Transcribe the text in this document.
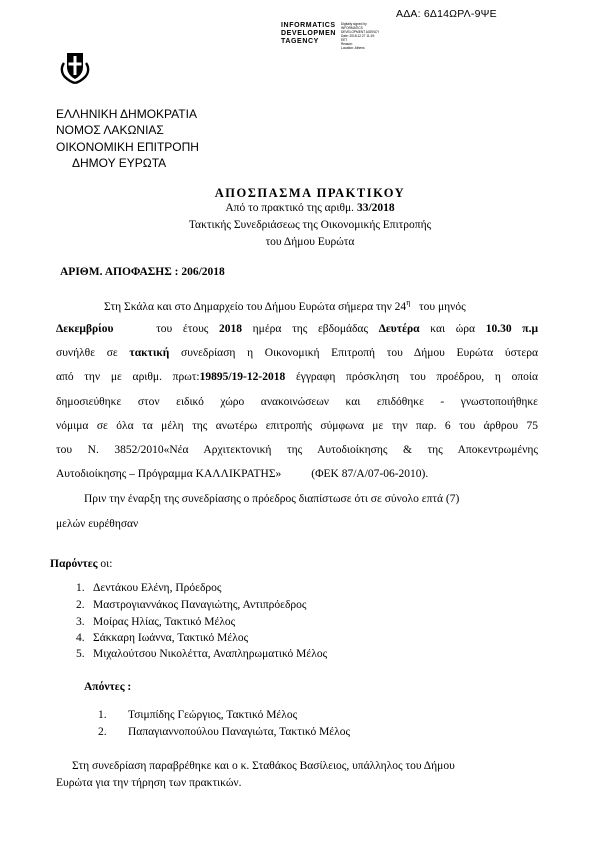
ΑΔΑ: 6Δ14ΩΡΛ-9ΨΕ
INFORMATICS
DEVELOPMEN
TAGENCY
Digitally signed by
INFORMATICS
DEVELOPMENT AGENCY
Date: 2018.12.27 11:19:
EET
Reason:
Location: Athens
ΕΛΛΗΝΙΚΗ ΔΗΜΟΚΡΑΤΙΑ
ΝΟΜΟΣ ΛΑΚΩΝΙΑΣ
ΟΙΚΟΝΟΜΙΚΗ ΕΠΙΤΡΟΠΗ
ΔΗΜΟΥ ΕΥΡΩΤΑ
ΑΠΟΣΠΑΣΜΑ ΠΡΑΚΤΙΚΟΥ
Από το πρακτικό της αριθμ. 33/2018
Τακτικής Συνεδριάσεως της Οικονομικής Επιτροπής
του Δήμου Ευρώτα
ΑΡΙΘΜ. ΑΠΟΦΑΣΗΣ : 206/2018
Στη Σκάλα και στο Δημαρχείο του Δήμου Ευρώτα σήμερα την $24^\eta$ του μηνός
Δεκεμβρίου	του έτους 2018 ημέρα της εβδομάδας Δευτέρα και ώρα 10.30 π.μ
συνήλθε σε τακτική συνεδρίαση η Οικονομική Επιτροπή του Δήμου Ευρώτα ύστερα
από την με αριθμ. πρωτ:19895/19-12-2018 έγγραφη πρόσκληση του προέδρου, η οποία
δημοσιεύθηκε στον ειδικό χώρο ανακοινώσεων και επιδόθηκε - γνωστοποιήθηκε
νόμιμα σε όλα τα μέλη της ανωτέρω επιτροπής σύμφωνα με την παρ. 6 του άρθρου 75
του Ν. 3852/2010«Νέα Αρχιτεκτονική της Αυτοδιοίκησης & της Αποκεντρωμένης
Αυτοδιοίκησης – Πρόγραμμα ΚΑΛΛΙΚΡΑΤΗΣ»	(ΦΕΚ 87/Α/07-06-2010).
Πριν την έναρξη της συνεδρίασης ο πρόεδρος διαπίστωσε ότι σε σύνολο επτά (7)
μελών ευρέθησαν
Παρόντες οι:
1. Δεντάκου Ελένη, Πρόεδρος
2. Μαστρογιαννάκος Παναγιώτης, Αντιπρόεδρος
3. Μοίρας Ηλίας, Τακτικό Μέλος
4. Σάκκαρη Ιωάννα, Τακτικό Μέλος
5. Μιχαλούτσου Νικολέττα, Αναπληρωματικό Μέλος
Απόντες :
1. Τσιμπίδης Γεώργιος, Τακτικό Μέλος
2. Παπαγιαννοπούλου Παναγιώτα, Τακτικό Μέλος
Στη συνεδρίαση παραβρέθηκε και ο κ. Σταθάκος Βασίλειος, υπάλληλος του Δήμου
Ευρώτα για την τήρηση των πρακτικών.
